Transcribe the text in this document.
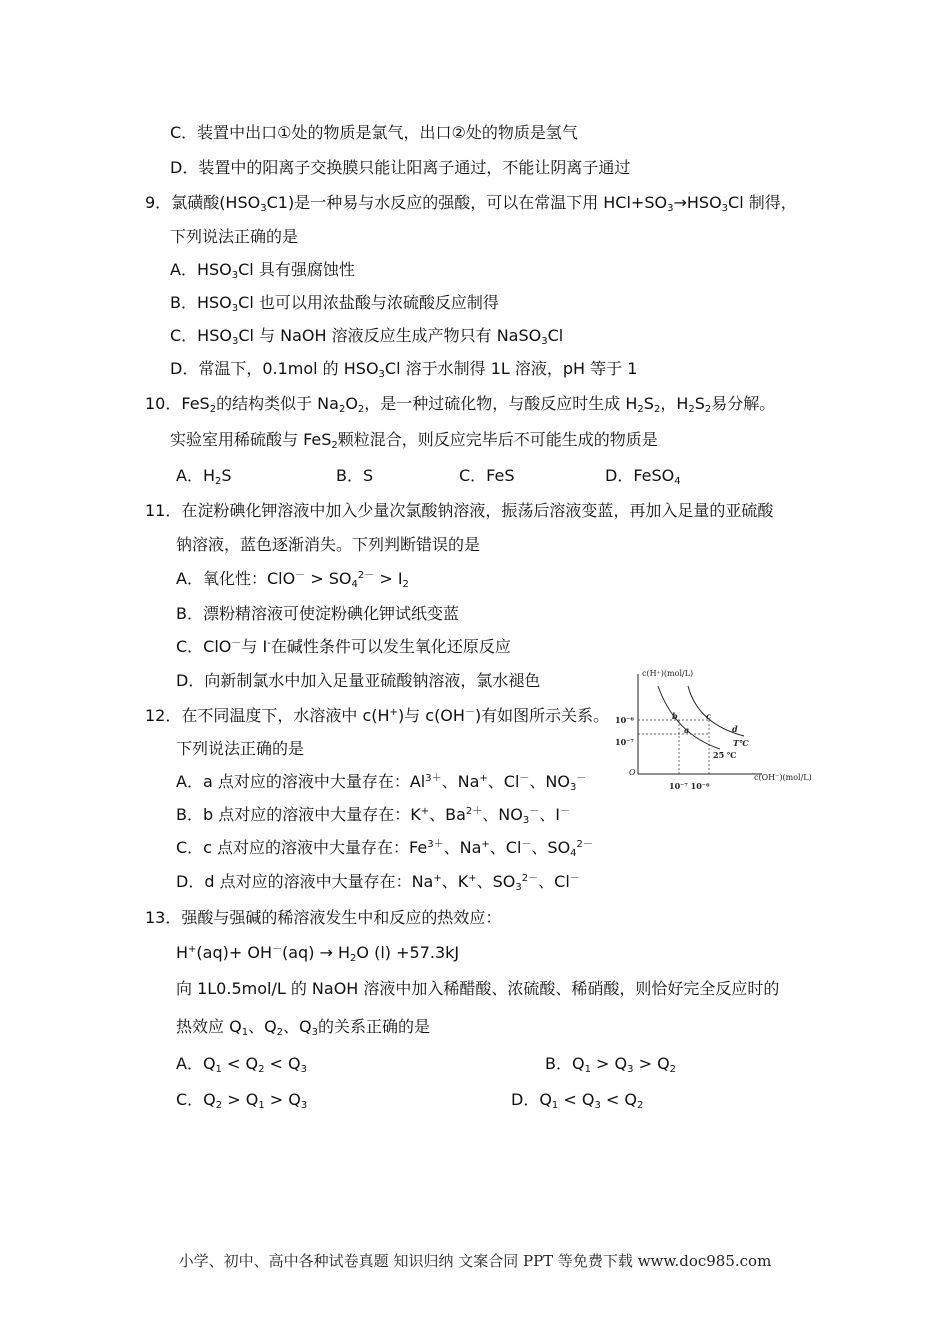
C．装置中出口①处的物质是氯气，出口②处的物质是氢气
D．装置中的阳离子交换膜只能让阳离子通过，不能让阴离子通过
9．氯磺酸$(HSO_3C1)$是一种易与水反应的强酸，可以在常温下用 $HCl+SO_3\to HSO_3Cl$ 制得，
下列说法正确的是
A．$HSO_3Cl$ 具有强腐蚀性
B．$HSO_3Cl$ 也可以用浓盐酸与浓硫酸反应制得
C．$HSO_3Cl$ 与 NaOH 溶液反应生成产物只有 NaSO$_3$Cl
D．常温下，0.1mol 的 $HSO_3Cl$ 溶于水制得 1L 溶液，pH 等于 1
10．FeS$_2$的结构类似于 $Na_2O_2$，是一种过硫化物，与酸反应时生成 $H_2S_2$，$H_2S_2$易分解。
实验室用稀硫酸与 FeS$_2$颗粒混合，则反应完毕后不可能生成的物质是
A．$H_2S$	B．S	C．FeS	D．FeSO$_4$
11．在淀粉碘化钾溶液中加入少量次氯酸钠溶液，振荡后溶液变蓝，再加入足量的亚硫酸
钠溶液，蓝色逐渐消失。下列判断错误的是
A．氧化性：$ClO^- > SO_4^{2-} > I_2$
B．漂粉精溶液可使淀粉碘化钾试纸变蓝
C．ClO－与 I-在碱性条件可以发生氧化还原反应
D．向新制氯水中加入足量亚硫酸钠溶液，氯水褪色
12．在不同温度下，水溶液中 c(H+)与 c(OH－)有如图所示关系。
下列说法正确的是
A．a 点对应的溶液中大量存在：$Al^{3+}$、Na+、Cl－、$NO_3^-$
B．b 点对应的溶液中大量存在：K+、$Ba^{2+}$、$NO_3^-$、I－
C．c 点对应的溶液中大量存在：$Fe^{3+}$、Na+、Cl－、$SO_4^{2-}$
D．d 点对应的溶液中大量存在：Na+、K+、$SO_3^{2-}$、Cl－
c(H⁺)(mol/L)
c(OH⁻)(mol/L)
O
10⁻⁶
10⁻⁷
10⁻⁷ 10⁻⁶
b
a
c
d
T℃
25 ℃
13．强酸与强碱的稀溶液发生中和反应的热效应：
$H^+(aq)+ OH^-(aq) \to H_2O$ (l) +57.3kJ
向 1L0.5mol/L 的 NaOH 溶液中加入稀醋酸、浓硫酸、稀硝酸，则恰好完全反应时的
热效应 $Q_1$、$Q_2$、$Q_3$的关系正确的是
A．$Q_1 < Q_2 < Q_3$	B．$Q_1 > Q_3 > Q_2$
C．$Q_2 > Q_1 > Q_3$	D．$Q_1 < Q_3 < Q_2$
小学、初中、高中各种试卷真题 知识归纳 文案合同 PPT 等免费下载 www.doc985.com
